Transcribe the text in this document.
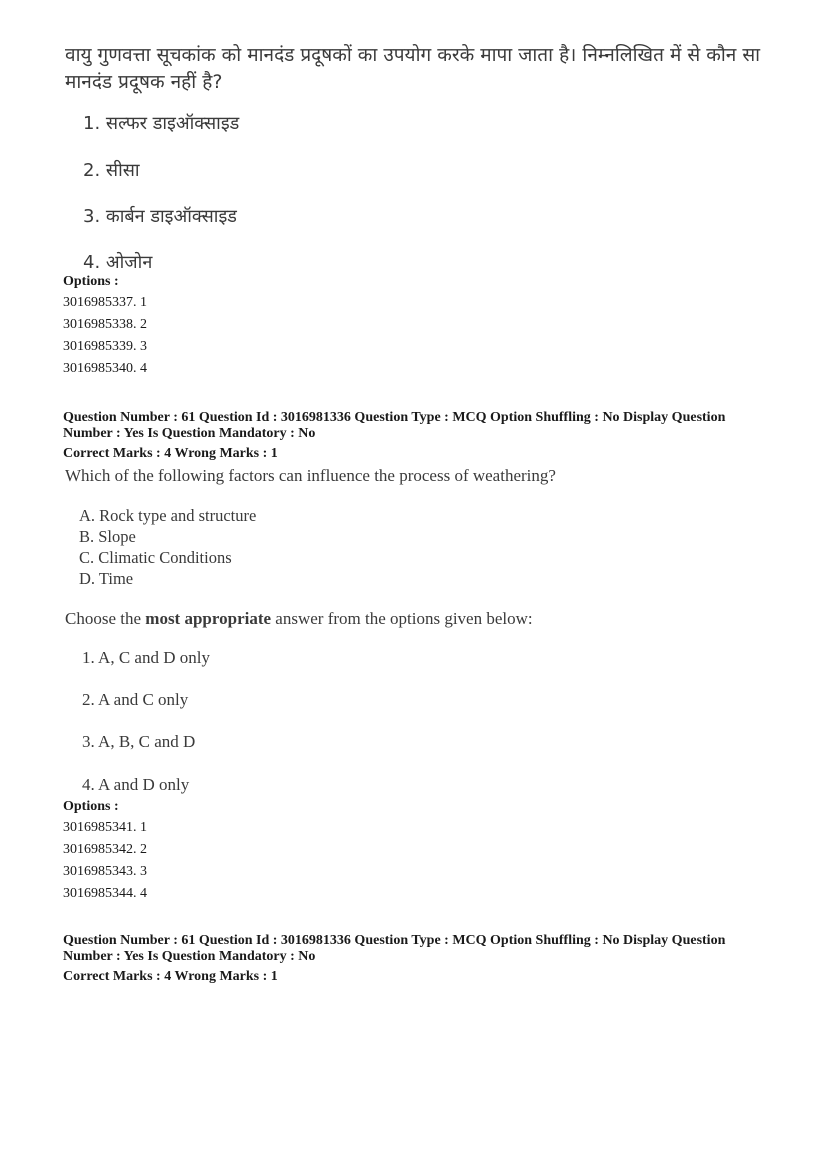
वायु गुणवत्ता सूचकांक को मानदंड प्रदूषकों का उपयोग करके मापा जाता है। निम्नलिखित में से कौन सा
मानदंड प्रदूषक नहीं है?
1. सल्फर डाइऑक्साइड
2. सीसा
3. कार्बन डाइऑक्साइड
4. ओजोन
Options :
3016985337. 1
3016985338. 2
3016985339. 3
3016985340. 4
Question Number : 61 Question Id : 3016981336 Question Type : MCQ Option Shuffling : No Display Question
Number : Yes Is Question Mandatory : No
Correct Marks : 4 Wrong Marks : 1
Which of the following factors can influence the process of weathering?
A. Rock type and structure
B. Slope
C. Climatic Conditions
D. Time
Choose the most appropriate answer from the options given below:
1. A, C and D only
2. A and C only
3. A, B, C and D
4. A and D only
Options :
3016985341. 1
3016985342. 2
3016985343. 3
3016985344. 4
Question Number : 61 Question Id : 3016981336 Question Type : MCQ Option Shuffling : No Display Question
Number : Yes Is Question Mandatory : No
Correct Marks : 4 Wrong Marks : 1
